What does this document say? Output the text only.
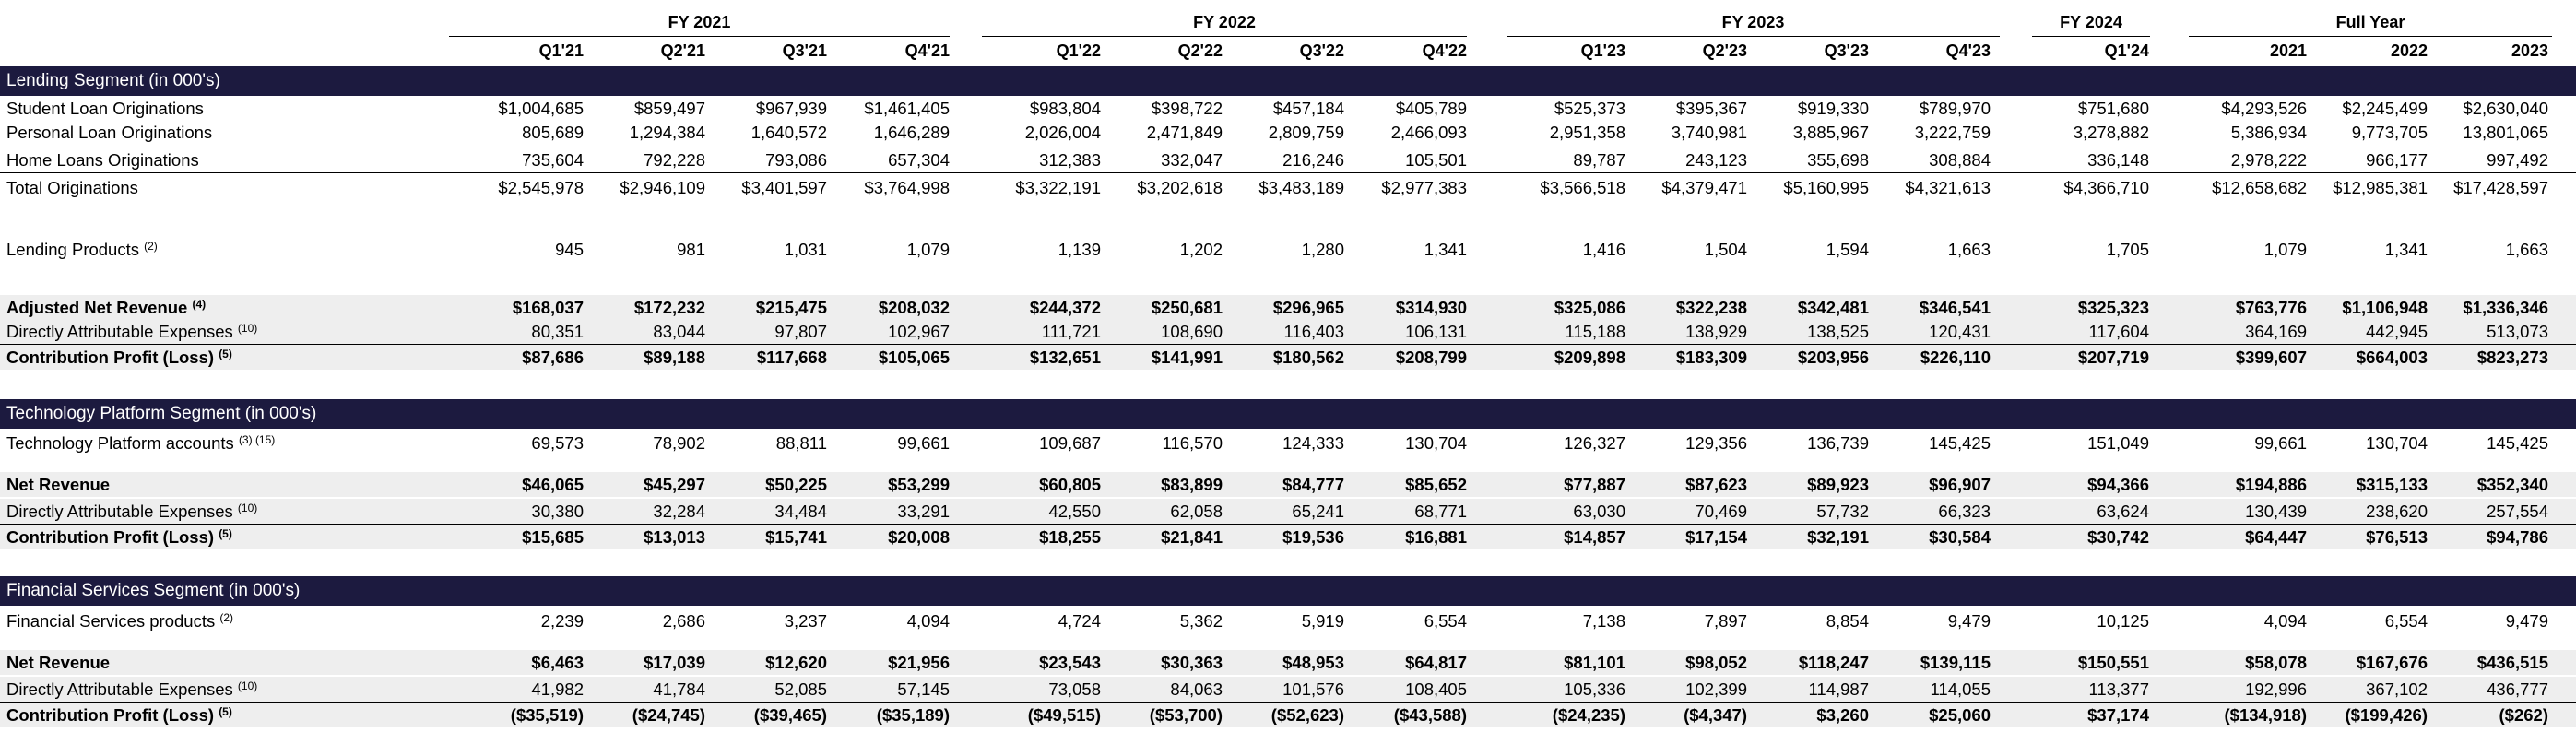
FY 2021	FY 2022	FY 2023	FY 2024	Full Year
Q1'21	Q2'21	Q3'21	Q4'21	Q1'22	Q2'22	Q3'22	Q4'22	Q1'23	Q2'23	Q3'23	Q4'23	Q1'24	2021	2022	2023
Lending Segment (in 000's)
Student Loan Originations	$1,004,685	$859,497	$967,939	$1,461,405	$983,804	$398,722	$457,184	$405,789	$525,373	$395,367	$919,330	$789,970	$751,680	$4,293,526	$2,245,499	$2,630,040
Personal Loan Originations	805,689	1,294,384	1,640,572	1,646,289	2,026,004	2,471,849	2,809,759	2,466,093	2,951,358	3,740,981	3,885,967	3,222,759	3,278,882	5,386,934	9,773,705	13,801,065
Home Loans Originations	735,604	792,228	793,086	657,304	312,383	332,047	216,246	105,501	89,787	243,123	355,698	308,884	336,148	2,978,222	966,177	997,492
Total Originations	$2,545,978	$2,946,109	$3,401,597	$3,764,998	$3,322,191	$3,202,618	$3,483,189	$2,977,383	$3,566,518	$4,379,471	$5,160,995	$4,321,613	$4,366,710	$12,658,682	$12,985,381	$17,428,597
Lending Products $^{(2)}$	945	981	1,031	1,079	1,139	1,202	1,280	1,341	1,416	1,504	1,594	1,663	1,705	1,079	1,341	1,663
Adjusted Net Revenue $^{(4)}$	$168,037	$172,232	$215,475	$208,032	$244,372	$250,681	$296,965	$314,930	$325,086	$322,238	$342,481	$346,541	$325,323	$763,776	$1,106,948	$1,336,346
Directly Attributable Expenses $^{(10)}$	80,351	83,044	97,807	102,967	111,721	108,690	116,403	106,131	115,188	138,929	138,525	120,431	117,604	364,169	442,945	513,073
Contribution Profit (Loss) $^{(5)}$	$87,686	$89,188	$117,668	$105,065	$132,651	$141,991	$180,562	$208,799	$209,898	$183,309	$203,956	$226,110	$207,719	$399,607	$664,003	$823,273
Technology Platform Segment (in 000's)
Technology Platform accounts $^{(3) (15)}$	69,573	78,902	88,811	99,661	109,687	116,570	124,333	130,704	126,327	129,356	136,739	145,425	151,049	99,661	130,704	145,425
Net Revenue	$46,065	$45,297	$50,225	$53,299	$60,805	$83,899	$84,777	$85,652	$77,887	$87,623	$89,923	$96,907	$94,366	$194,886	$315,133	$352,340
Directly Attributable Expenses $^{(10)}$	30,380	32,284	34,484	33,291	42,550	62,058	65,241	68,771	63,030	70,469	57,732	66,323	63,624	130,439	238,620	257,554
Contribution Profit (Loss) $^{(5)}$	$15,685	$13,013	$15,741	$20,008	$18,255	$21,841	$19,536	$16,881	$14,857	$17,154	$32,191	$30,584	$30,742	$64,447	$76,513	$94,786
Financial Services Segment (in 000's)
Financial Services products $^{(2)}$	2,239	2,686	3,237	4,094	4,724	5,362	5,919	6,554	7,138	7,897	8,854	9,479	10,125	4,094	6,554	9,479
Net Revenue	$6,463	$17,039	$12,620	$21,956	$23,543	$30,363	$48,953	$64,817	$81,101	$98,052	$118,247	$139,115	$150,551	$58,078	$167,676	$436,515
Directly Attributable Expenses $^{(10)}$	41,982	41,784	52,085	57,145	73,058	84,063	101,576	108,405	105,336	102,399	114,987	114,055	113,377	192,996	367,102	436,777
Contribution Profit (Loss) $^{(5)}$	($35,519)	($24,745)	($39,465)	($35,189)	($49,515)	($53,700)	($52,623)	($43,588)	($24,235)	($4,347)	$3,260	$25,060	$37,174	($134,918)	($199,426)	($262)
